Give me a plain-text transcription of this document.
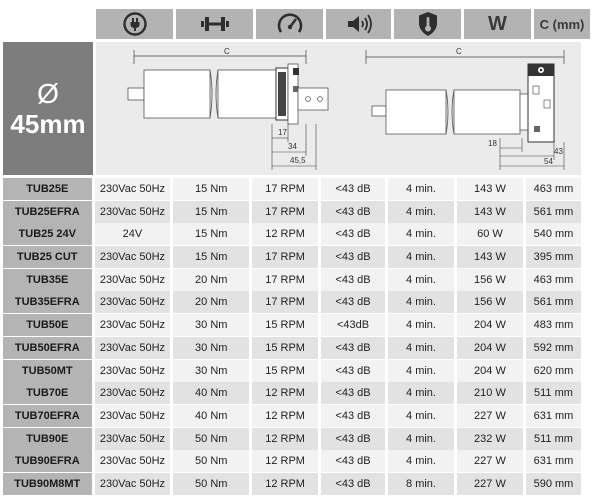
W	C (mm)
Ø
45mm
C
17
34
45,5
C
18
43
54
TUB25E	230Vac 50Hz	15 Nm	17 RPM	<43 dB	4 min.	143 W	463 mm
TUB25EFRA	230Vac 50Hz	15 Nm	17 RPM	<43 dB	4 min.	143 W	561 mm
TUB25 24V	24V	15 Nm	12 RPM	<43 dB	4 min.	60 W	540 mm
TUB25 CUT	230Vac 50Hz	15 Nm	17 RPM	<43 dB	4 min.	143 W	395 mm
TUB35E	230Vac 50Hz	20 Nm	17 RPM	<43 dB	4 min.	156 W	463 mm
TUB35EFRA	230Vac 50Hz	20 Nm	17 RPM	<43 dB	4 min.	156 W	561 mm
TUB50E	230Vac 50Hz	30 Nm	15 RPM	<43dB	4 min.	204 W	483 mm
TUB50EFRA	230Vac 50Hz	30 Nm	15 RPM	<43 dB	4 min.	204 W	592 mm
TUB50MT	230Vac 50Hz	30 Nm	15 RPM	<43 dB	4 min.	204 W	620 mm
TUB70E	230Vac 50Hz	40 Nm	12 RPM	<43 dB	4 min.	210 W	511 mm
TUB70EFRA	230Vac 50Hz	40 Nm	12 RPM	<43 dB	4 min.	227 W	631 mm
TUB90E	230Vac 50Hz	50 Nm	12 RPM	<43 dB	4 min.	232 W	511 mm
TUB90EFRA	230Vac 50Hz	50 Nm	12 RPM	<43 dB	4 min.	227 W	631 mm
TUB90M8MT	230Vac 50Hz	50 Nm	12 RPM	<43 dB	8 min.	227 W	590 mm
